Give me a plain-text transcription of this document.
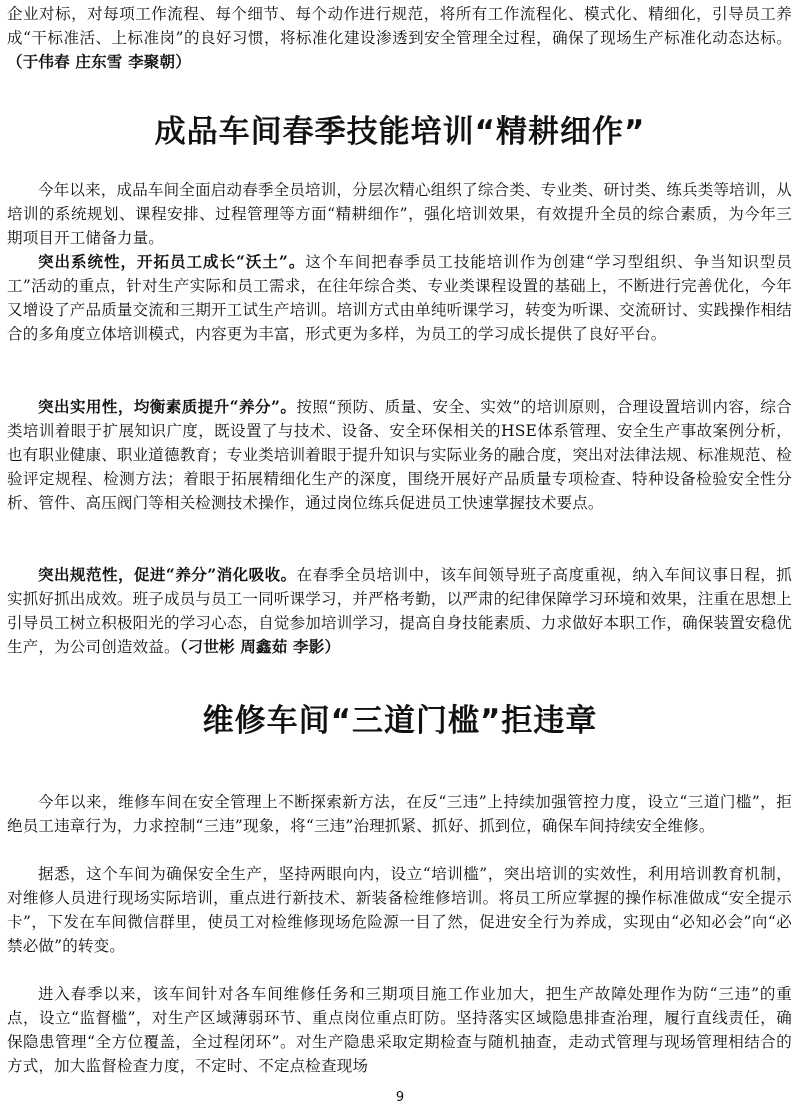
企业对标，对每项工作流程、每个细节、每个动作进行规范，将所有工作流程化、模式化、精细化，引导员工养成“干标准活、上标准岗”的良好习惯，将标准化建设渗透到安全管理全过程，确保了现场生产标准化动态达标。（于伟春 庄东雪 李聚朝）

成品车间春季技能培训“精耕细作”

今年以来，成品车间全面启动春季全员培训，分层次精心组织了综合类、专业类、研讨类、练兵类等培训，从培训的系统规划、课程安排、过程管理等方面“精耕细作”，强化培训效果，有效提升全员的综合素质，为今年三期项目开工储备力量。

突出系统性，开拓员工成长“沃土”。这个车间把春季员工技能培训作为创建“学习型组织、争当知识型员工”活动的重点，针对生产实际和员工需求，在往年综合类、专业类课程设置的基础上，不断进行完善优化，今年又增设了产品质量交流和三期开工试生产培训。培训方式由单纯听课学习，转变为听课、交流研讨、实践操作相结合的多角度立体培训模式，内容更为丰富，形式更为多样，为员工的学习成长提供了良好平台。

突出实用性，均衡素质提升“养分”。按照“预防、质量、安全、实效”的培训原则，合理设置培训内容，综合类培训着眼于扩展知识广度，既设置了与技术、设备、安全环保相关的HSE体系管理、安全生产事故案例分析，也有职业健康、职业道德教育；专业类培训着眼于提升知识与实际业务的融合度，突出对法律法规、标准规范、检验评定规程、检测方法；着眼于拓展精细化生产的深度，围绕开展好产品质量专项检查、特种设备检验安全性分析、管件、高压阀门等相关检测技术操作，通过岗位练兵促进员工快速掌握技术要点。

突出规范性，促进“养分”消化吸收。在春季全员培训中，该车间领导班子高度重视，纳入车间议事日程，抓实抓好抓出成效。班子成员与员工一同听课学习，并严格考勤，以严肃的纪律保障学习环境和效果，注重在思想上引导员工树立积极阳光的学习心态，自觉参加培训学习，提高自身技能素质、力求做好本职工作，确保装置安稳优生产，为公司创造效益。（刁世彬 周鑫茹 李影）

维修车间“三道门槛”拒违章

今年以来，维修车间在安全管理上不断探索新方法，在反“三违”上持续加强管控力度，设立“三道门槛”，拒绝员工违章行为，力求控制“三违”现象，将“三违”治理抓紧、抓好、抓到位，确保车间持续安全维修。

据悉，这个车间为确保安全生产，坚持两眼向内，设立“培训槛”，突出培训的实效性，利用培训教育机制，对维修人员进行现场实际培训，重点进行新技术、新装备检维修培训。将员工所应掌握的操作标准做成“安全提示卡”，下发在车间微信群里，使员工对检维修现场危险源一目了然，促进安全行为养成，实现由“必知必会”向“必禁必做”的转变。

进入春季以来，该车间针对各车间维修任务和三期项目施工作业加大，把生产故障处理作为防“三违”的重点，设立“监督槛”，对生产区域薄弱环节、重点岗位重点盯防。坚持落实区域隐患排查治理，履行直线责任，确保隐患管理“全方位覆盖，全过程闭环”。对生产隐患采取定期检查与随机抽查，走动式管理与现场管理相结合的方式，加大监督检查力度，不定时、不定点检查现场

9
